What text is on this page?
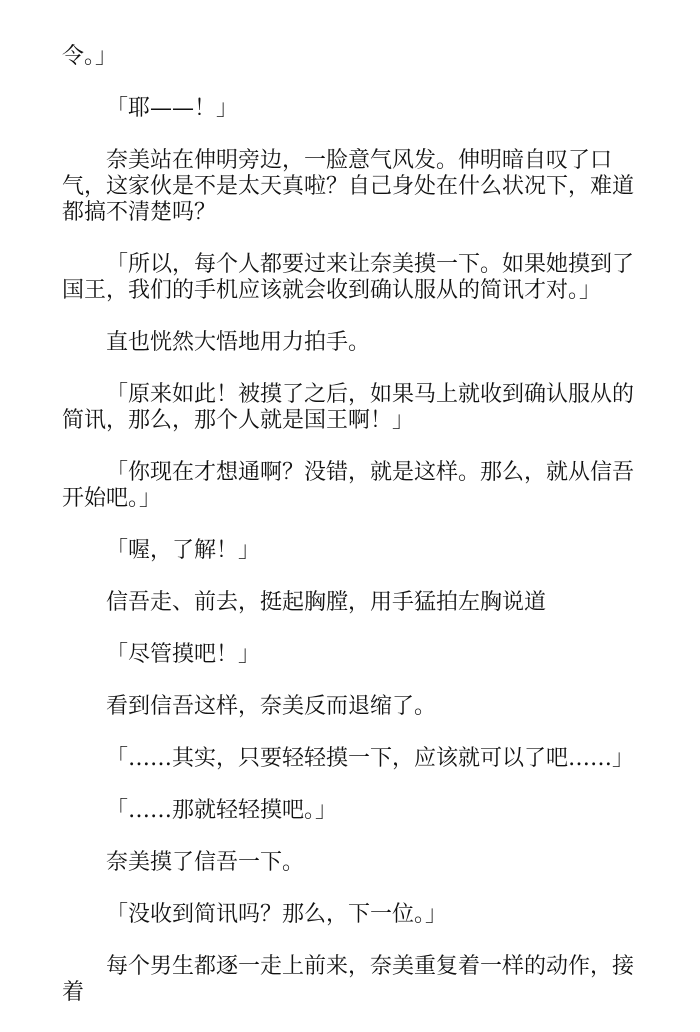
令。」

「耶——！」

奈美站在伸明旁边，一脸意气风发。伸明暗自叹了口气，这家伙是不是太天真啦？自己身处在什么状况下，难道都搞不清楚吗？

「所以，每个人都要过来让奈美摸一下。如果她摸到了国王，我们的手机应该就会收到确认服从的简讯才对。」

直也恍然大悟地用力拍手。

「原来如此！被摸了之后，如果马上就收到确认服从的简讯，那么，那个人就是国王啊！」

「你现在才想通啊？没错，就是这样。那么，就从信吾开始吧。」

「喔，了解！」

信吾走、前去，挺起胸膛，用手猛拍左胸说道

「尽管摸吧！」

看到信吾这样，奈美反而退缩了。

「……其实，只要轻轻摸一下，应该就可以了吧……」

「……那就轻轻摸吧。」

奈美摸了信吾一下。

「没收到简讯吗？那么，下一位。」

每个男生都逐一走上前来，奈美重复着一样的动作，接着
